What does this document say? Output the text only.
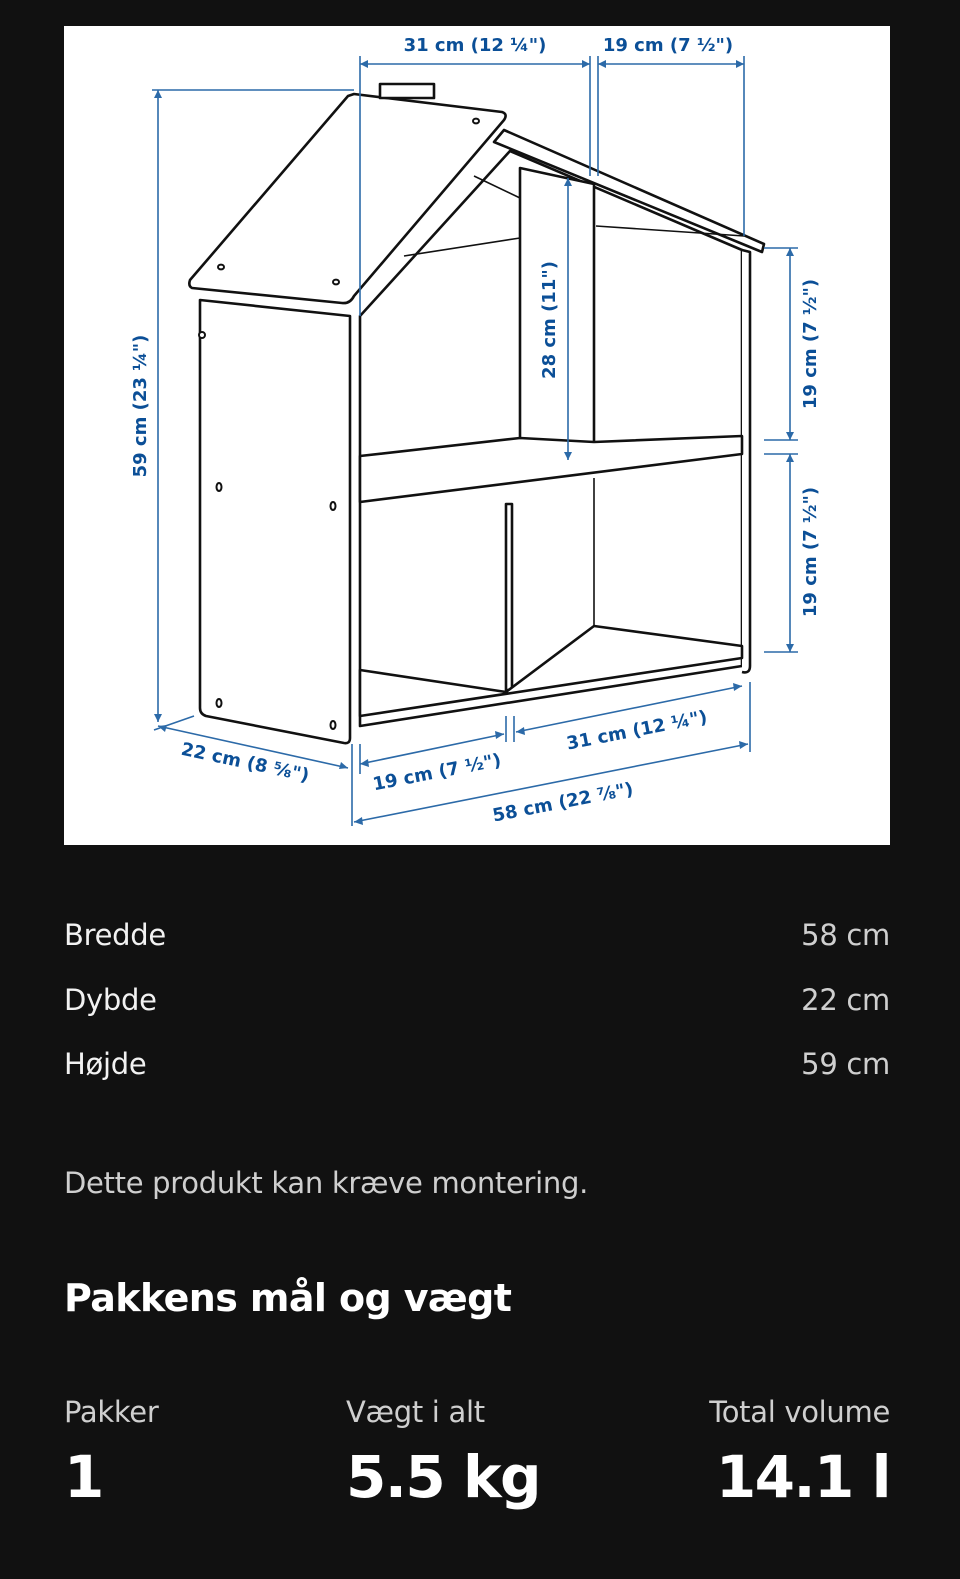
31 cm (12 ¼")	19 cm (7 ½")
59 cm (23 ¼")
28 cm (11")	19 cm (7 ½")
19 cm (7 ½")
22 cm (8 ⅝")	19 cm (7 ½")
31 cm (12 ¼")
58 cm (22 ⅞")
Bredde	58 cm
Dybde	22 cm
Højde	59 cm
Dette produkt kan kræve montering.
Pakkens mål og vægt
Pakker
1
Vægt i alt
5.5 kg
Total volume
14.1 l
